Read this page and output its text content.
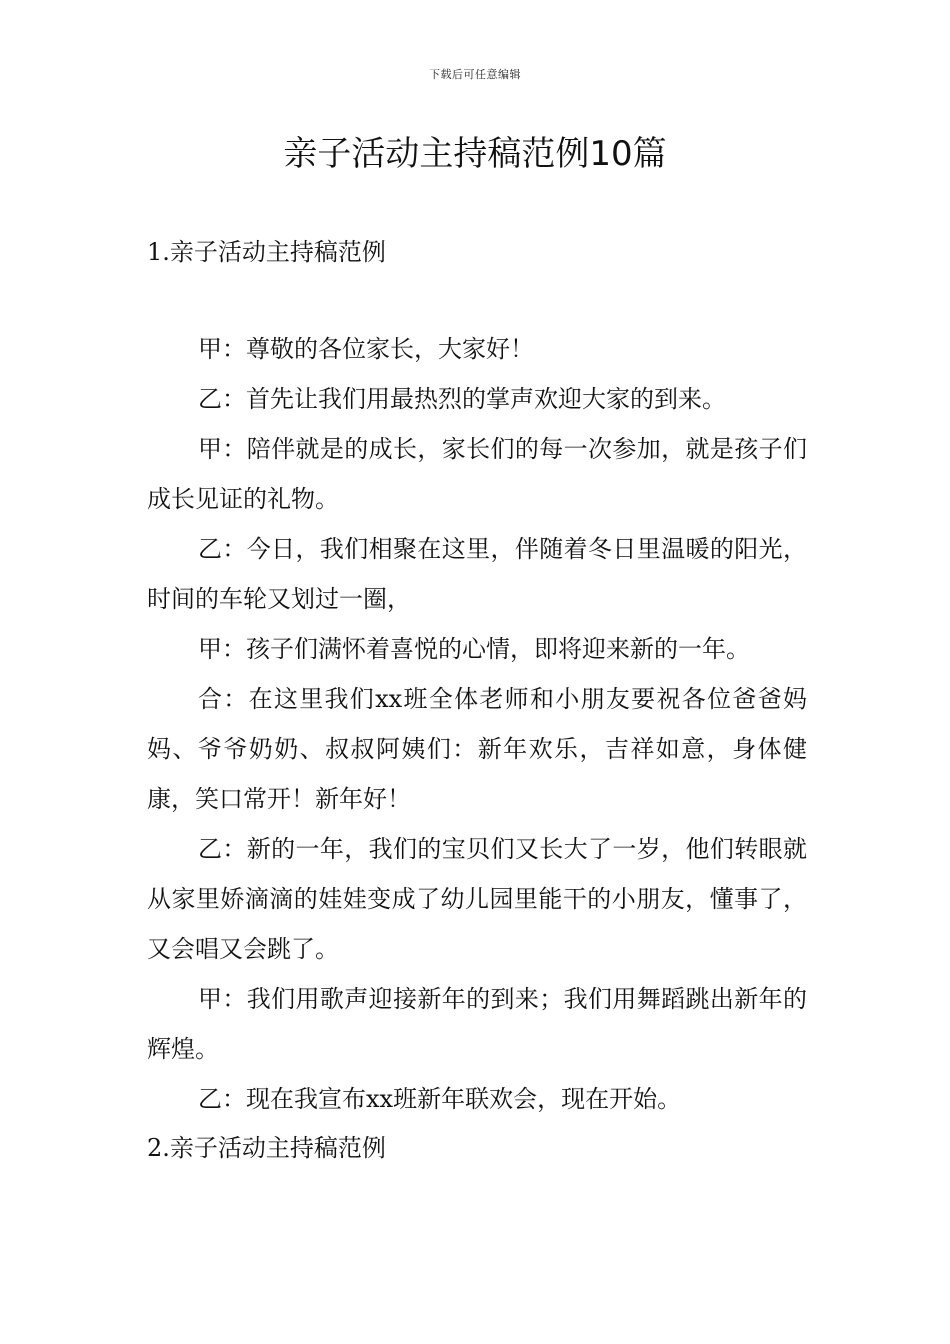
下载后可任意编辑
亲子活动主持稿范例10篇
1.亲子活动主持稿范例

甲：尊敬的各位家长，大家好！

乙：首先让我们用最热烈的掌声欢迎大家的到来。

甲：陪伴就是的成长，家长们的每一次参加，就是孩子们成长见证的礼物。

乙：今日，我们相聚在这里，伴随着冬日里温暖的阳光，时间的车轮又划过一圈，

甲：孩子们满怀着喜悦的心情，即将迎来新的一年。

合：在这里我们xx班全体老师和小朋友要祝各位爸爸妈妈、爷爷奶奶、叔叔阿姨们：新年欢乐，吉祥如意，身体健康，笑口常开！新年好！

乙：新的一年，我们的宝贝们又长大了一岁，他们转眼就从家里娇滴滴的娃娃变成了幼儿园里能干的小朋友，懂事了，又会唱又会跳了。

甲：我们用歌声迎接新年的到来；我们用舞蹈跳出新年的辉煌。

乙：现在我宣布xx班新年联欢会，现在开始。

2.亲子活动主持稿范例
